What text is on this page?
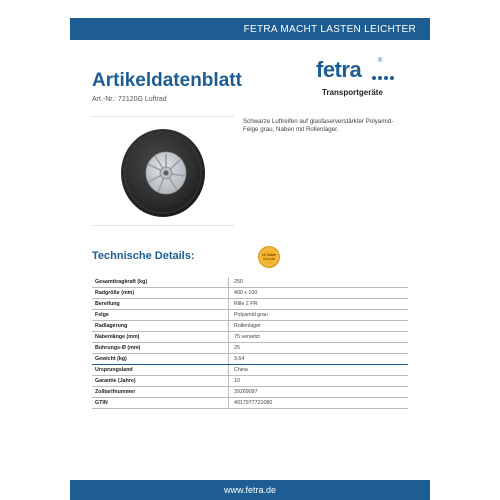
FETRA MACHT LASTEN LEICHTER
Artikeldatenblatt
Art.-Nr.: 72120G Luftrad
fetra	®
Transportgeräte
Schwarze Luftreifen auf glasfaserverstärkter Polyamid-Felge grau, Naben mit Rollenlager.
Technische Details:	10 Jahre
Garantie
Gesamttragkraft (kg)	250
Radgröße (mm)	400 x 100
Bereifung	Rille 2 PR
Felge	Polyamid grau
Radlagerung	Rollenlager
Nabenlänge (mm)	75 versetzt
Bohrungs-Ø (mm)	25
Gewicht (kg)	3.64
Ursprungsland	China
Garantie (Jahre)	10
Zolltarifnummer	39269097
GTIN	4017977721080
www.fetra.de
